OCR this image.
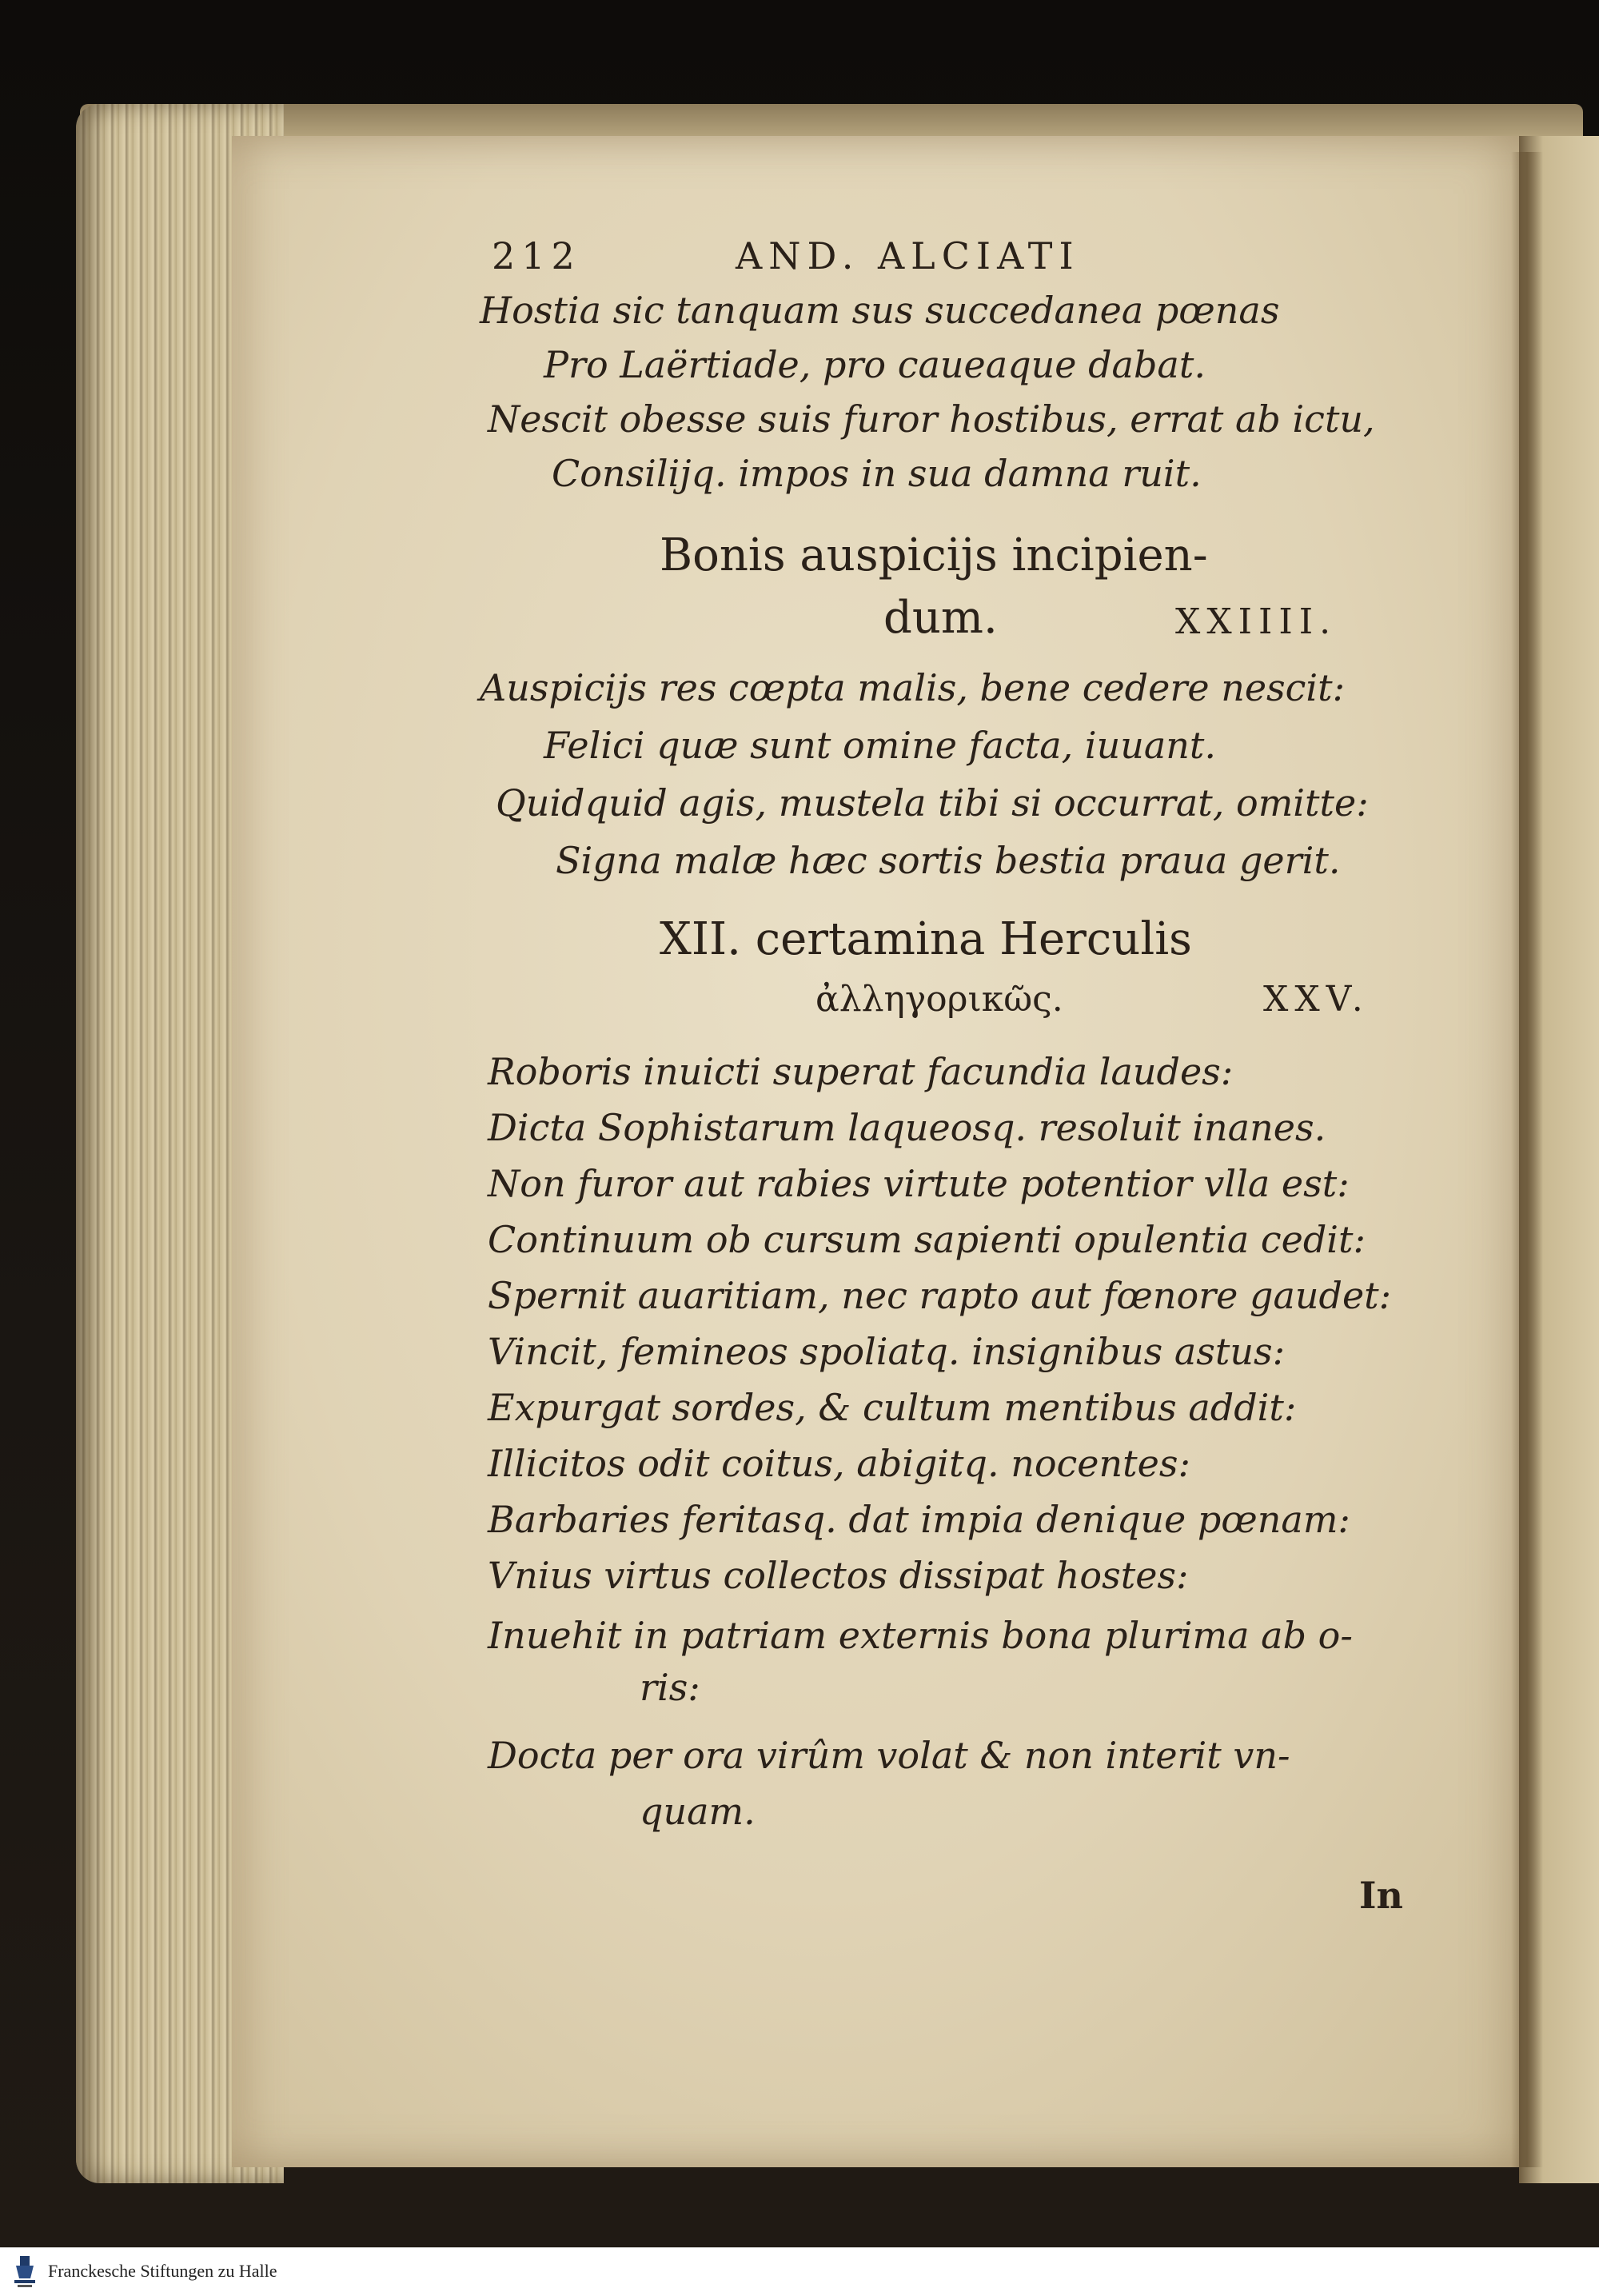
212	AND. ALCIATI
Hostia sic tanquam sus succedanea pœnas
Pro Laërtiade, pro caueaque dabat.
Nescit obesse suis furor hostibus, errat ab ictu,
Consilijq. impos in sua damna ruit.
Bonis auspicijs incipien-
dum.	XXIIII.
Auspicijs res cœpta malis, bene cedere nescit:
Felici quæ sunt omine facta, iuuant.
Quidquid agis, mustela tibi si occurrat, omitte:
Signa malæ hæc sortis bestia praua gerit.
XII. certamina Herculis
ἀλληγορικῶς.	XXV.
Roboris inuicti superat facundia laudes:
Dicta Sophistarum laqueosq. resoluit inanes.
Non furor aut rabies virtute potentior vlla est:
Continuum ob cursum sapienti opulentia cedit:
Spernit auaritiam, nec rapto aut fœnore gaudet:
Vincit, femineos spoliatq. insignibus astus:
Expurgat sordes, & cultum mentibus addit:
Illicitos odit coitus, abigitq. nocentes:
Barbaries feritasq. dat impia denique pœnam:
Vnius virtus collectos dissipat hostes:
Inuehit in patriam externis bona plurima ab o-
ris:
Docta per ora virûm volat & non interit vn-
quam.
In
Franckesche Stiftungen zu Halle
